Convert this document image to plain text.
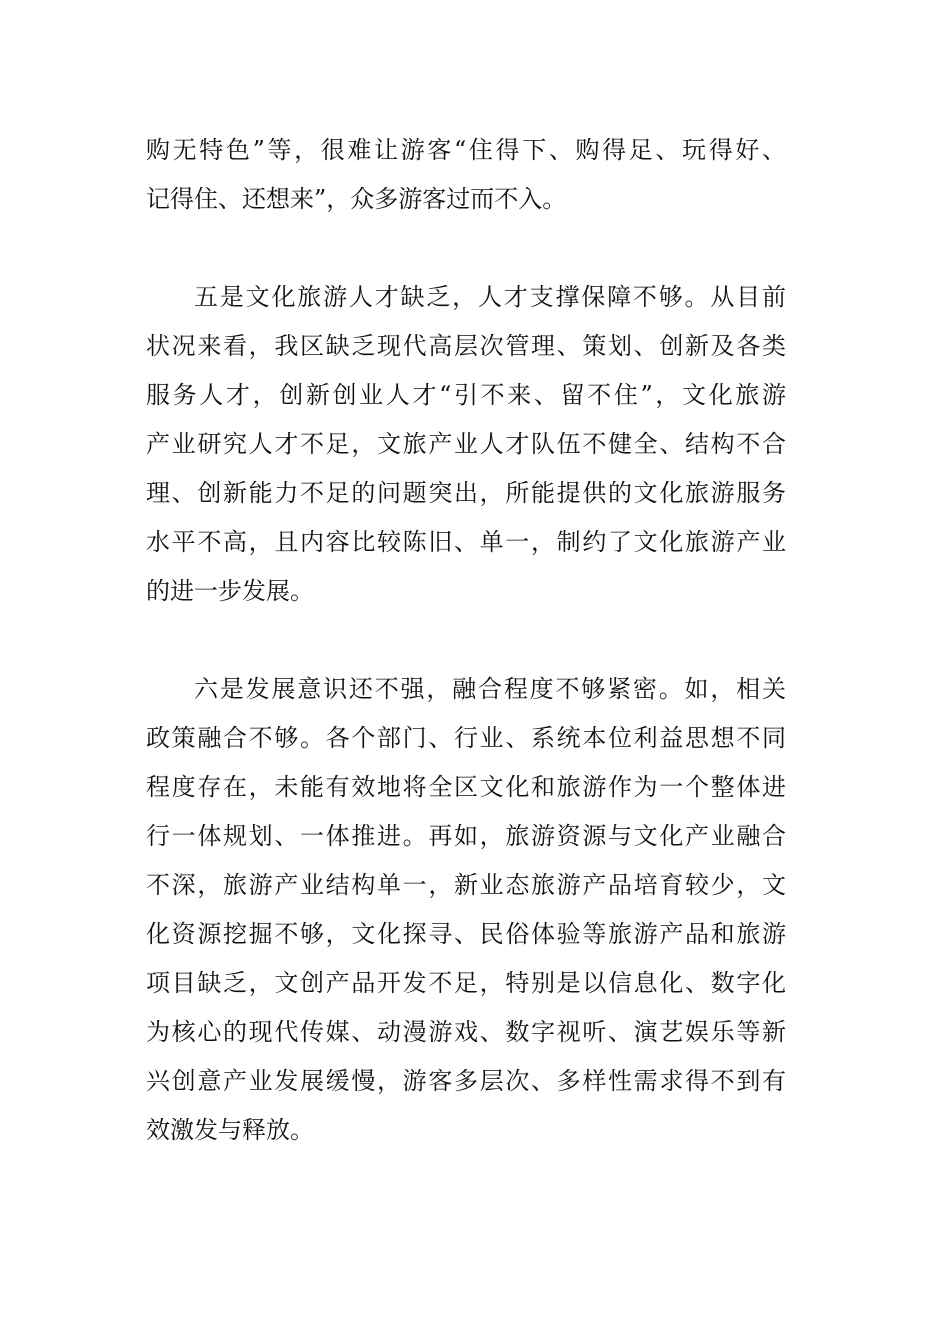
购无特色”等，很难让游客“住得下、购得足、玩得好、
记得住、还想来”，众多游客过而不入。
五是文化旅游人才缺乏，人才支撑保障不够。从目前
状况来看，我区缺乏现代高层次管理、策划、创新及各类
服务人才，创新创业人才“引不来、留不住”，文化旅游
产业研究人才不足，文旅产业人才队伍不健全、结构不合
理、创新能力不足的问题突出，所能提供的文化旅游服务
水平不高，且内容比较陈旧、单一，制约了文化旅游产业
的进一步发展。
六是发展意识还不强，融合程度不够紧密。如，相关
政策融合不够。各个部门、行业、系统本位利益思想不同
程度存在，未能有效地将全区文化和旅游作为一个整体进
行一体规划、一体推进。再如，旅游资源与文化产业融合
不深，旅游产业结构单一，新业态旅游产品培育较少，文
化资源挖掘不够，文化探寻、民俗体验等旅游产品和旅游
项目缺乏，文创产品开发不足，特别是以信息化、数字化
为核心的现代传媒、动漫游戏、数字视听、演艺娱乐等新
兴创意产业发展缓慢，游客多层次、多样性需求得不到有
效激发与释放。
